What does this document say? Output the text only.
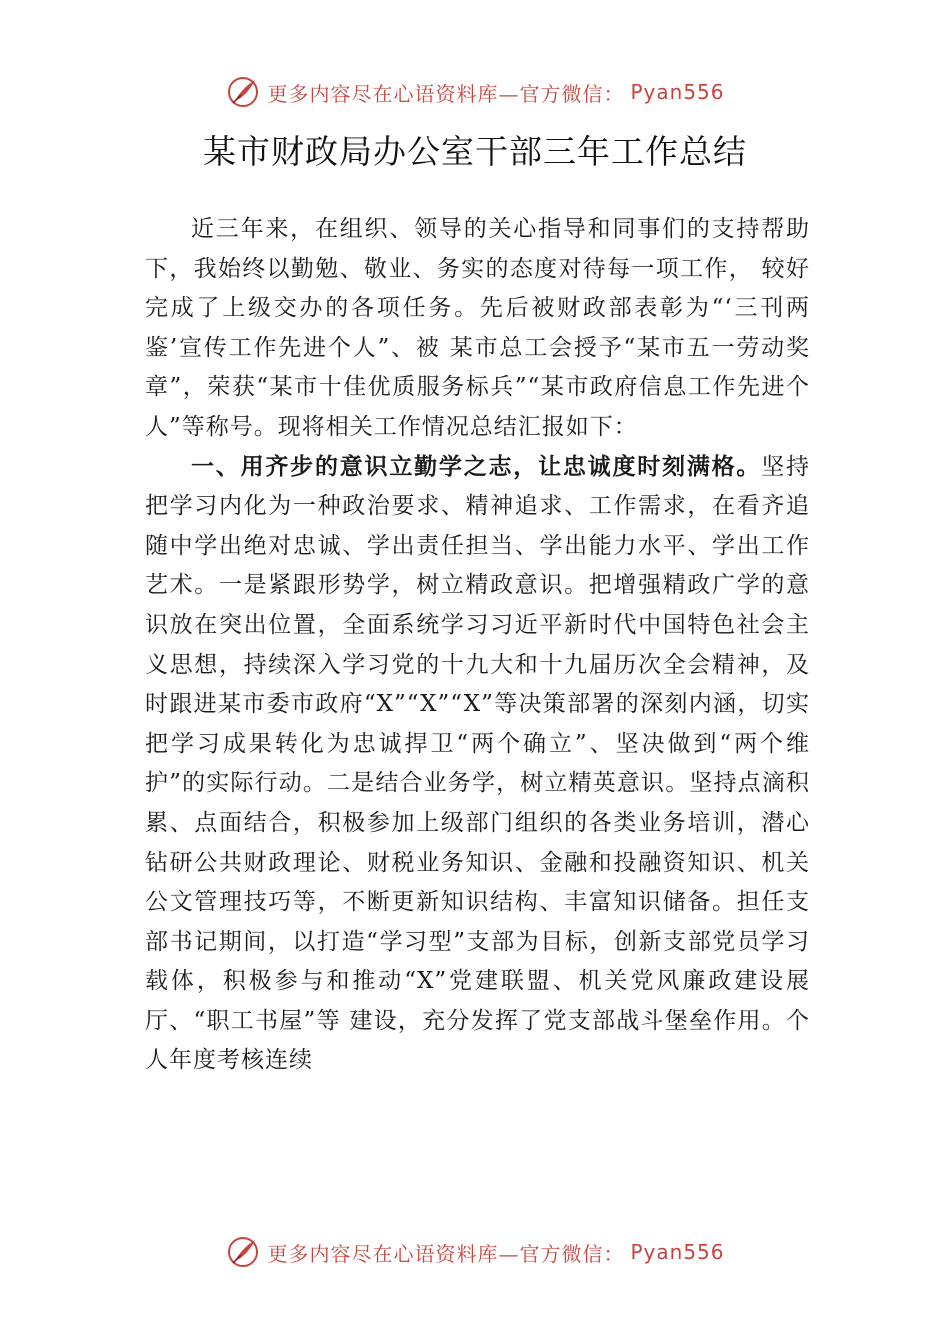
更多内容尽在心语资料库—官方微信： Pyan556
某市财政局办公室干部三年工作总结

近三年来，在组织、领导的关心指导和同事们的支持帮助下，我始终以勤勉、敬业、务实的态度对待每一项工作， 较好完成了上级交办的各项任务。先后被财政部表彰为“‘三刊两鉴’宣传工作先进个人”、被 某市总工会授予“某市五一劳动奖章”，荣获“某市十佳优质服务标兵”“某市政府信息工作先进个人”等称号。现将相关工作情况总结汇报如下：

一、用齐步的意识立勤学之志，让忠诚度时刻满格。坚持把学习内化为一种政治要求、精神追求、工作需求，在看齐追随中学出绝对忠诚、学出责任担当、学出能力水平、学出工作艺术。一是紧跟形势学，树立精政意识。把增强精政广学的意识放在突出位置，全面系统学习习近平新时代中国特色社会主义思想，持续深入学习党的十九大和十九届历次全会精神，及时跟进某市委市政府“X”“X”“X”等决策部署的深刻内涵，切实把学习成果转化为忠诚捍卫“两个确立”、坚决做到“两个维护”的实际行动。二是结合业务学，树立精英意识。坚持点滴积累、点面结合，积极参加上级部门组织的各类业务培训，潜心钻研公共财政理论、财税业务知识、金融和投融资知识、机关公文管理技巧等，不断更新知识结构、丰富知识储备。担任支部书记期间，以打造“学习型”支部为目标，创新支部党员学习载体，积极参与和推动“X”党建联盟、机关党风廉政建设展厅、“职工书屋”等 建设，充分发挥了党支部战斗堡垒作用。个人年度考核连续

更多内容尽在心语资料库—官方微信： Pyan556
